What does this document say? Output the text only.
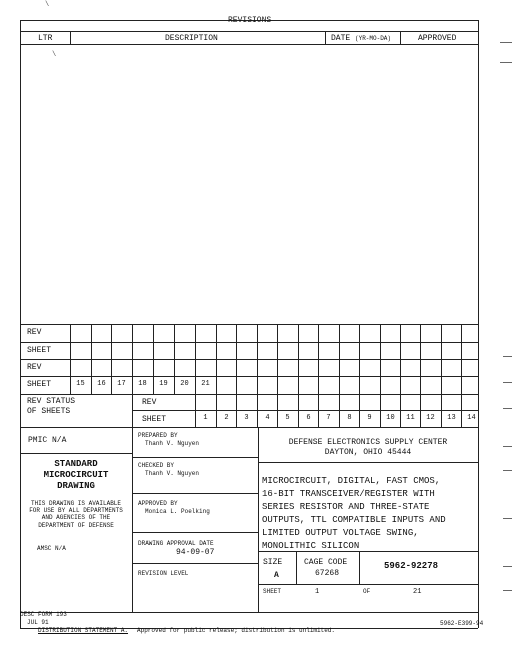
REVISIONS
LTR	DESCRIPTION	DATE (YR-MO-DA)	APPROVED
\
\
REV
SHEET
REV
SHEET	15	16	17	18	19	20	21
REV STATUS
OF SHEETS
REV
SHEET	1	2	3	4	5	6	7	8	9	10	11	12	13	14
PMIC N/A
STANDARD
MICROCIRCUIT
DRAWING
THIS DRAWING IS AVAILABLE
FOR USE BY ALL DEPARTMENTS
AND AGENCIES OF THE
DEPARTMENT OF DEFENSE
AMSC N/A
PREPARED BY
Thanh V. Nguyen
CHECKED BY
Thanh V. Nguyen
APPROVED BY
Monica L. Poelking
DRAWING APPROVAL DATE
94-09-07
REVISION LEVEL
DEFENSE ELECTRONICS SUPPLY CENTER
DAYTON, OHIO 45444
MICROCIRCUIT, DIGITAL, FAST CMOS,
16-BIT TRANSCEIVER/REGISTER WITH
SERIES RESISTOR AND THREE-STATE
OUTPUTS, TTL COMPATIBLE INPUTS AND
LIMITED OUTPUT VOLTAGE SWING,
MONOLITHIC SILICON
SIZE
A
CAGE CODE
67268
5962-92278
SHEET	1	OF	21
DESC FORM 193
JUL 91
DISTRIBUTION STATEMENT A. Approved for public release; distribution is unlimited.
5962-E399-94
